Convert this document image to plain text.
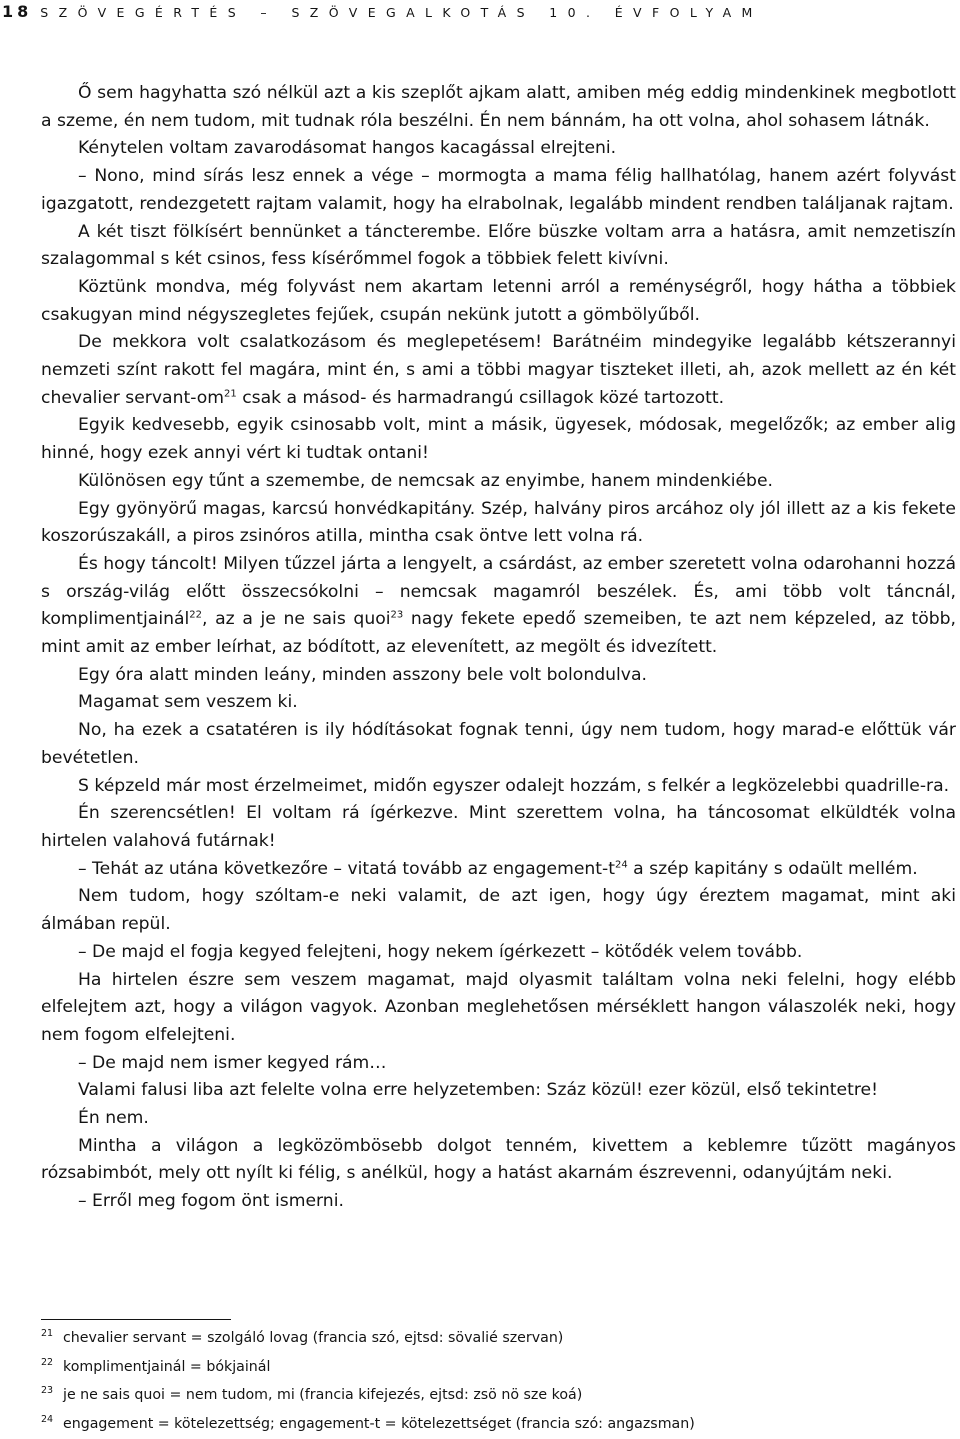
18 SZÖVEGÉRTÉS – SZÖVEGALKOTÁS 10. ÉVFOLYAM

Ő sem hagyhatta szó nélkül azt a kis szeplőt ajkam alatt, amiben még eddig mindenkinek megbotlott a szeme, én nem tudom, mit tudnak róla beszélni. Én nem bánnám, ha ott volna, ahol sohasem látnák.

Kénytelen voltam zavarodásomat hangos kacagással elrejteni.

– Nono, mind sírás lesz ennek a vége – mormogta a mama félig hallhatólag, hanem azért folyvást igazgatott, rendezgetett rajtam valamit, hogy ha elrabolnak, legalább mindent rendben találjanak rajtam.

A két tiszt fölkísért bennünket a táncterembe. Előre büszke voltam arra a hatásra, amit nemzetiszín szalagommal s két csinos, fess kísérőmmel fogok a többiek felett kivívni.

Köztünk mondva, még folyvást nem akartam letenni arról a reménységről, hogy hátha a többiek csakugyan mind négyszegletes fejűek, csupán nekünk jutott a gömbölyűből.

De mekkora volt csalatkozásom és meglepetésem! Barátnéim mindegyike legalább kétszerannyi nemzeti színt rakott fel magára, mint én, s ami a többi magyar tiszteket illeti, ah, azok mellett az én két chevalier servant-$om^{21}$ csak a másod- és harmadrangú csillagok közé tartozott.

Egyik kedvesebb, egyik csinosabb volt, mint a másik, ügyesek, módosak, megelőzők; az ember alig hinné, hogy ezek annyi vért ki tudtak ontani!

Különösen egy tűnt a szemembe, de nemcsak az enyimbe, hanem mindenkiébe.

Egy gyönyörű magas, karcsú honvédkapitány. Szép, halvány piros arcához oly jól illett az a kis fekete koszorúszakáll, a piros zsinóros atilla, mintha csak öntve lett volna rá.

És hogy táncolt! Milyen tűzzel járta a lengyelt, a csárdást, az ember szeretett volna odarohanni hozzá s ország-világ előtt összecsókolni – nemcsak magamról beszélek. És, ami több volt táncnál, komplimentjainál$^{22}$, az a je ne sais quoi$^{23}$ nagy fekete epedő szemeiben, te azt nem képzeled, az több, mint amit az ember leírhat, az bódított, az elevenített, az megölt és idvezített.

Egy óra alatt minden leány, minden asszony bele volt bolondulva.

Magamat sem veszem ki.

No, ha ezek a csatatéren is ily hódításokat fognak tenni, úgy nem tudom, hogy marad-e előttük vár bevétetlen.

S képzeld már most érzelmeimet, midőn egyszer odalejt hozzám, s felkér a legközelebbi quadrille-ra.

Én szerencsétlen! El voltam rá ígérkezve. Mint szerettem volna, ha táncosomat elküldték volna hirtelen valahová futárnak!

– Tehát az utána következőre – vitatá tovább az engagement-$t^{24}$ a szép kapitány s odaült mellém.

Nem tudom, hogy szóltam-e neki valamit, de azt igen, hogy úgy éreztem magamat, mint aki álmában repül.

– De majd el fogja kegyed felejteni, hogy nekem ígérkezett – kötődék velem tovább.

Ha hirtelen észre sem veszem magamat, majd olyasmit találtam volna neki felelni, hogy elébb elfelejtem azt, hogy a világon vagyok. Azonban meglehetősen mérséklett hangon válaszolék neki, hogy nem fogom elfelejteni.

– De majd nem ismer kegyed rám…

Valami falusi liba azt felelte volna erre helyzetemben: Száz közül! ezer közül, első tekintetre!

Én nem.

Mintha a világon a legközömbösebb dolgot tenném, kivettem a keblemre tűzött magányos rózsabimbót, mely ott nyílt ki félig, s anélkül, hogy a hatást akarnám észrevenni, odanyújtám neki.

– Erről meg fogom önt ismerni.

21 chevalier servant = szolgáló lovag (francia szó, ejtsd: sövalié szervan)
22 komplimentjainál = bókjainál
23 je ne sais quoi = nem tudom, mi (francia kifejezés, ejtsd: zsö nö sze koá)
24 engagement = kötelezettség; engagement-t = kötelezettséget (francia szó: angazsman)
